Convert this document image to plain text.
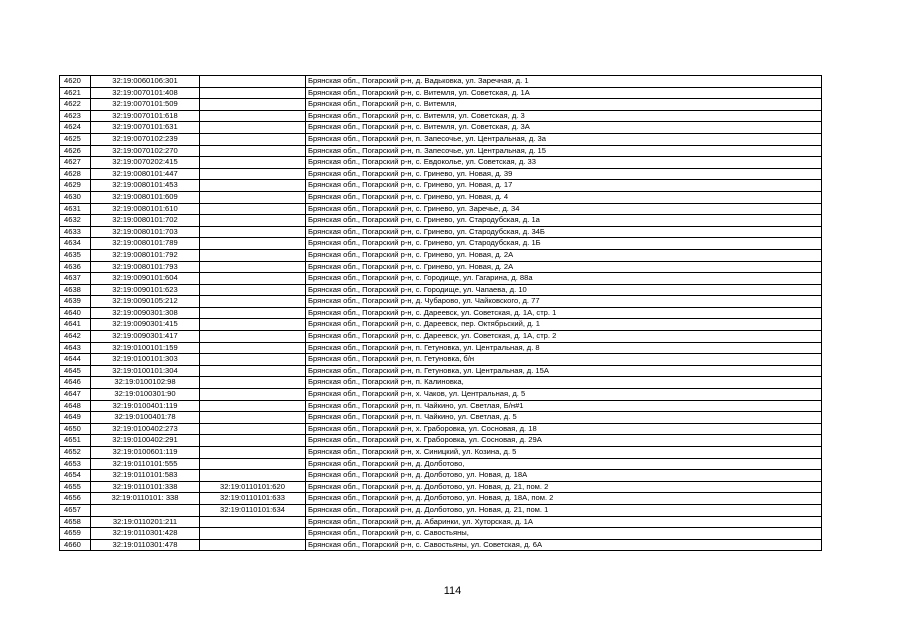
4620	32:19:0060106:301		Брянская обл., Погарский р-н, д. Вадьковка, ул. Заречная, д. 1
4621	32:19:0070101:408		Брянская обл., Погарский р-н, с. Витемля, ул. Советская, д. 1А
4622	32:19:0070101:509		Брянская обл., Погарский р-н, с. Витемля,
4623	32:19:0070101:618		Брянская обл., Погарский р-н, с. Витемля, ул. Советская, д. 3
4624	32:19:0070101:631		Брянская обл., Погарский р-н, с. Витемля, ул. Советская, д. 3А
4625	32:19:0070102:239		Брянская обл., Погарский р-н, п. Запесочье, ул. Центральная, д. 3а
4626	32:19:0070102:270		Брянская обл., Погарский р-н, п. Запесочье, ул. Центральная, д. 15
4627	32:19:0070202:415		Брянская обл., Погарский р-н, с. Евдоколье, ул. Советская, д. 33
4628	32:19:0080101:447		Брянская обл., Погарский р-н, с. Гринево, ул. Новая, д. 39
4629	32:19:0080101:453		Брянская обл., Погарский р-н, с. Гринево, ул. Новая, д. 17
4630	32:19:0080101:609		Брянская обл., Погарский р-н, с. Гринево, ул. Новая, д. 4
4631	32:19:0080101:610		Брянская обл., Погарский р-н, с. Гринево, ул. Заречье, д. 34
4632	32:19:0080101:702		Брянская обл., Погарский р-н, с. Гринево, ул. Стародубская, д. 1а
4633	32:19:0080101:703		Брянская обл., Погарский р-н, с. Гринево, ул. Стародубская, д. 34Б
4634	32:19:0080101:789		Брянская обл., Погарский р-н, с. Гринево, ул. Стародубская, д. 1Б
4635	32:19:0080101:792		Брянская обл., Погарский р-н, с. Гринево, ул. Новая, д. 2А
4636	32:19:0080101:793		Брянская обл., Погарский р-н, с. Гринево, ул. Новая, д. 2А
4637	32:19:0090101:604		Брянская обл., Погарский р-н, с. Городище, ул. Гагарина, д. 88а
4638	32:19:0090101:623		Брянская обл., Погарский р-н, с. Городище, ул. Чапаева, д. 10
4639	32:19:0090105:212		Брянская обл., Погарский р-н, д. Чубарово, ул. Чайковского, д. 77
4640	32:19:0090301:308		Брянская обл., Погарский р-н, с. Дареевск, ул. Советская, д. 1А, стр. 1
4641	32:19:0090301:415		Брянская обл., Погарский р-н, с. Дареевск, пер. Октябрьский, д. 1
4642	32:19:0090301:417		Брянская обл., Погарский р-н, с. Дареевск, ул. Советская, д. 1А, стр. 2
4643	32:19:0100101:159		Брянская обл., Погарский р-н, п. Гетуновка, ул. Центральная, д. 8
4644	32:19:0100101:303		Брянская обл., Погарский р-н, п. Гетуновка, б/н
4645	32:19:0100101:304		Брянская обл., Погарский р-н, п. Гетуновка, ул. Центральная, д. 15А
4646	32:19:0100102:98		Брянская обл., Погарский р-н, п. Калиновка,
4647	32:19:0100301:90		Брянская обл., Погарский р-н, х. Чаков, ул. Центральная, д. 5
4648	32:19:0100401:119		Брянская обл., Погарский р-н, п. Чайкино, ул. Светлая, Б/н#1
4649	32:19:0100401:78		Брянская обл., Погарский р-н, п. Чайкино, ул. Светлая, д. 5
4650	32:19:0100402:273		Брянская обл., Погарский р-н, х. Граборовка, ул. Сосновая, д. 18
4651	32:19:0100402:291		Брянская обл., Погарский р-н, х. Граборовка, ул. Сосновая, д. 29А
4652	32:19:0100601:119		Брянская обл., Погарский р-н, х. Синицкий, ул. Козина, д. 5
4653	32:19:0110101:555		Брянская обл., Погарский р-н, д. Долботово,
4654	32:19:0110101:583		Брянская обл., Погарский р-н, д. Долботово, ул. Новая, д. 18А
4655	32:19:0110101:338	32:19:0110101:620	Брянская обл., Погарский р-н, д. Долботово, ул. Новая, д. 21, пом. 2
4656	32:19:0110101: 338	32:19:0110101:633	Брянская обл., Погарский р-н, д. Долботово, ул. Новая, д. 18А, пом. 2
4657		32:19:0110101:634	Брянская обл., Погарский р-н, д. Долботово, ул. Новая, д. 21, пом. 1
4658	32:19:0110201:211		Брянская обл., Погарский р-н, д. Абаринки, ул. Хуторская, д. 1А
4659	32:19:0110301:428		Брянская обл., Погарский р-н, с. Савостьяны,
4660	32:19:0110301:478		Брянская обл., Погарский р-н, с. Савостьяны, ул. Советская, д. 6А
114
